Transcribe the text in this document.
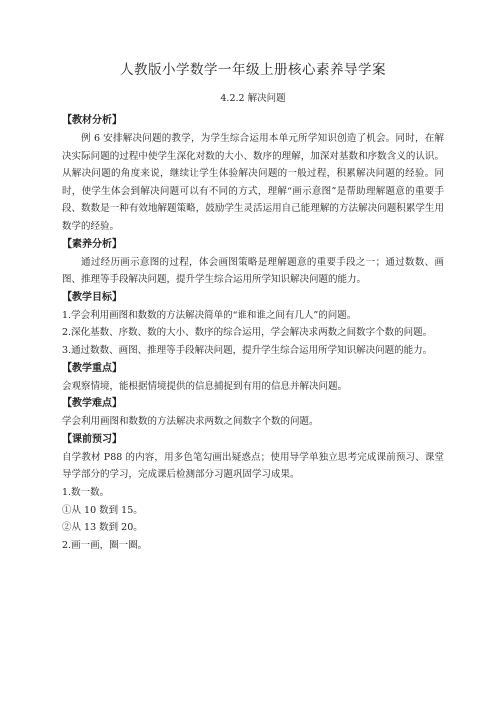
人教版小学数学一年级上册核心素养导学案
4.2.2 解决问题
【教材分析】

例 6 安排解决问题的教学，为学生综合运用本单元所学知识创造了机会。同时，在解决实际问题的过程中使学生深化对数的大小、数序的理解，加深对基数和序数含义的认识。从解决问题的角度来说，继续让学生体验解决问题的一般过程，积累解决问题的经验。同时，使学生体会到解决问题可以有不同的方式，理解“画示意图”是帮助理解题意的重要手段、数数是一种有效地解题策略，鼓励学生灵活运用自己能理解的方法解决问题积累学生用数学的经验。

【素养分析】

通过经历画示意图的过程，体会画图策略是理解题意的重要手段之一；通过数数、画图、推理等手段解决问题，提升学生综合运用所学知识解决问题的能力。

【教学目标】

1.学会利用画图和数数的方法解决简单的“谁和谁之间有几人”的问题。

2.深化基数、序数、数的大小、数序的综合运用，学会解决求两数之间数字个数的问题。

3.通过数数、画图、推理等手段解决问题，提升学生综合运用所学知识解决问题的能力。

【教学重点】

会观察情境，能根据情境提供的信息捕捉到有用的信息并解决问题。

【教学难点】

学会利用画图和数数的方法解决求两数之间数字个数的问题。

【课前预习】

自学教材 P88 的内容，用多色笔勾画出疑惑点；使用导学单独立思考完成课前预习、课堂导学部分的学习，完成课后检测部分习题巩固学习成果。

1.数一数。

①从 10 数到 15。

②从 13 数到 20。

2.画一画，圈一圈。
